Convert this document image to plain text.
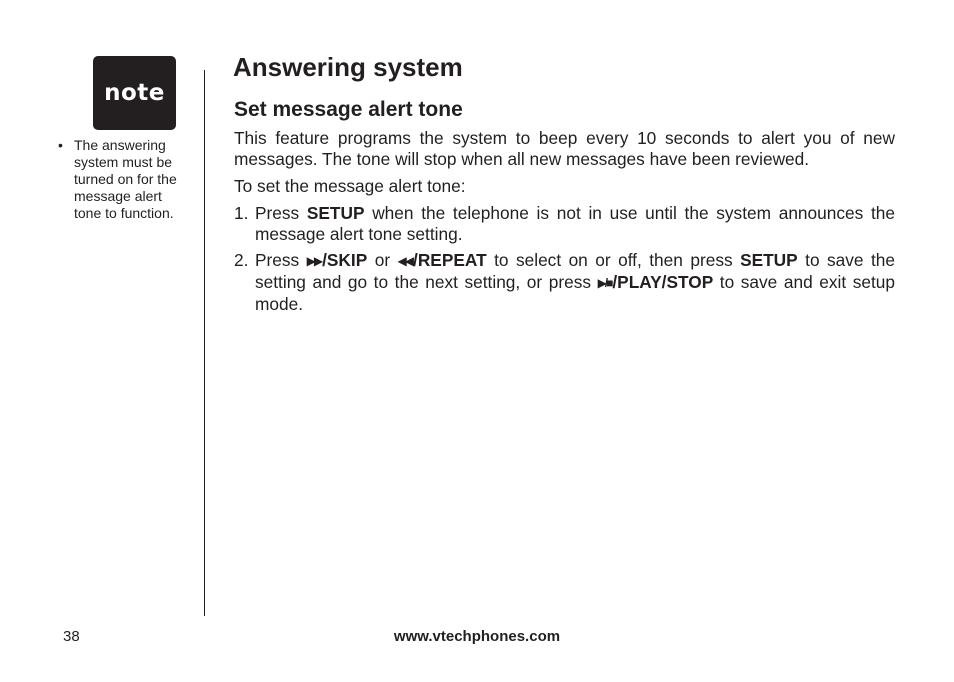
note
• The answering system must be turned on for the message alert tone to function.
Answering system
Set message alert tone

This feature programs the system to beep every 10 seconds to alert you of new messages. The tone will stop when all new messages have been reviewed.

To set the message alert tone:

1. Press SETUP when the telephone is not in use until the system announces the message alert tone setting.
2. Press ▶▶/SKIP or ◀◀/REPEAT to select on or off, then press SETUP to save the setting and go to the next setting, or press ▶/■/PLAY/STOP to save and exit setup mode.
38	www.vtechphones.com
